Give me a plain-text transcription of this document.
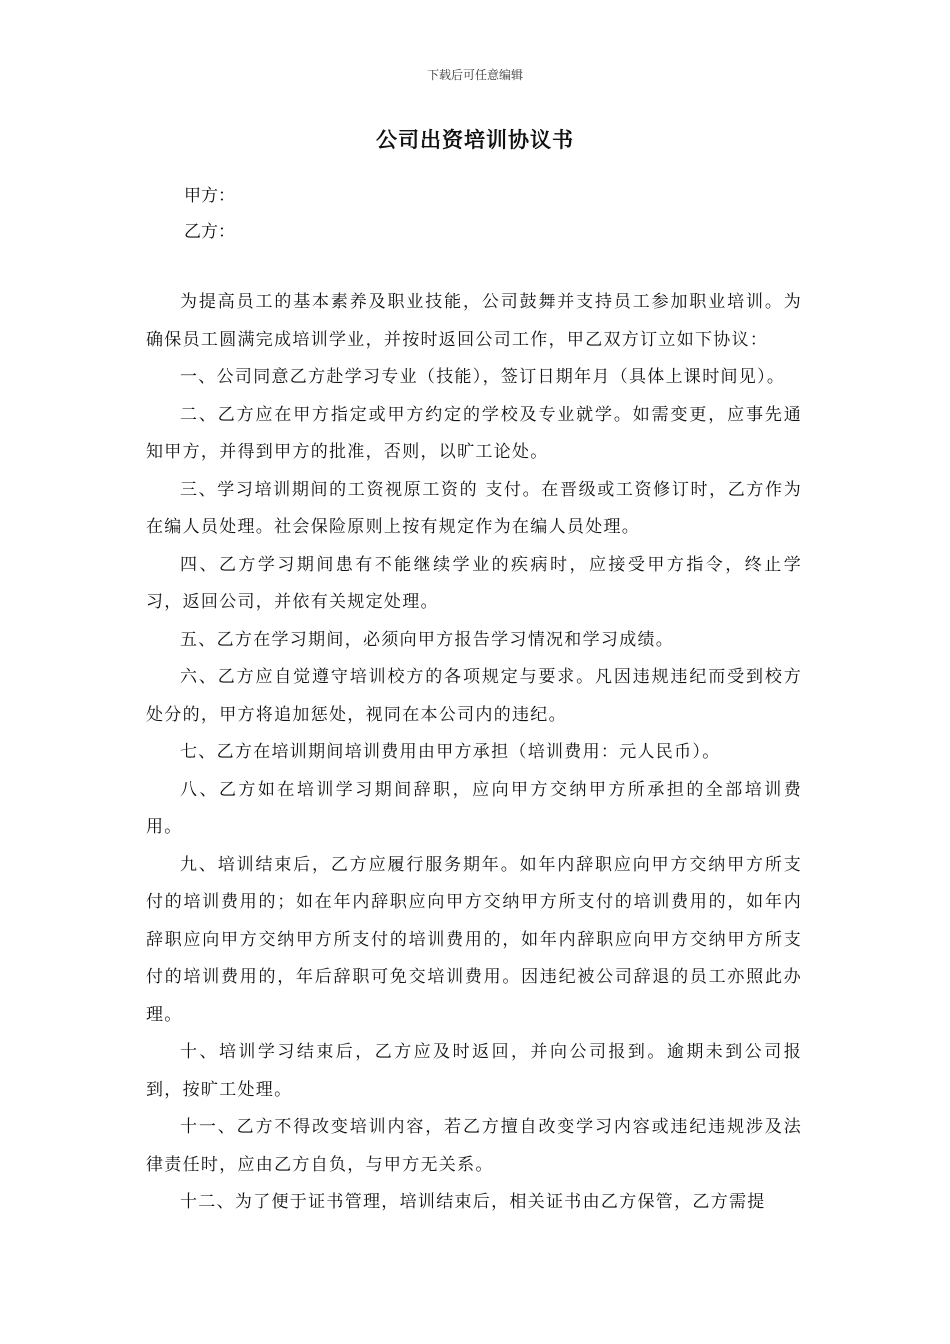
下载后可任意编辑
公司出资培训协议书
甲方：
乙方：

为提高员工的基本素养及职业技能，公司鼓舞并支持员工参加职业培训。为确保员工圆满完成培训学业，并按时返回公司工作，甲乙双方订立如下协议：

一、公司同意乙方赴学习专业（技能），签订日期年月（具体上课时间见）。

二、乙方应在甲方指定或甲方约定的学校及专业就学。如需变更，应事先通知甲方，并得到甲方的批准，否则，以旷工论处。

三、学习培训期间的工资视原工资的 支付。在晋级或工资修订时，乙方作为在编人员处理。社会保险原则上按有规定作为在编人员处理。

四、乙方学习期间患有不能继续学业的疾病时，应接受甲方指令，终止学习，返回公司，并依有关规定处理。

五、乙方在学习期间，必须向甲方报告学习情况和学习成绩。

六、乙方应自觉遵守培训校方的各项规定与要求。凡因违规违纪而受到校方处分的，甲方将追加惩处，视同在本公司内的违纪。

七、乙方在培训期间培训费用由甲方承担（培训费用：元人民币）。

八、乙方如在培训学习期间辞职，应向甲方交纳甲方所承担的全部培训费用。

九、培训结束后，乙方应履行服务期年。如年内辞职应向甲方交纳甲方所支付的培训费用的；如在年内辞职应向甲方交纳甲方所支付的培训费用的，如年内辞职应向甲方交纳甲方所支付的培训费用的，如年内辞职应向甲方交纳甲方所支付的培训费用的，年后辞职可免交培训费用。因违纪被公司辞退的员工亦照此办理。

十、培训学习结束后，乙方应及时返回，并向公司报到。逾期未到公司报到，按旷工处理。

十一、乙方不得改变培训内容，若乙方擅自改变学习内容或违纪违规涉及法律责任时，应由乙方自负，与甲方无关系。

十二、为了便于证书管理，培训结束后，相关证书由乙方保管，乙方需提
